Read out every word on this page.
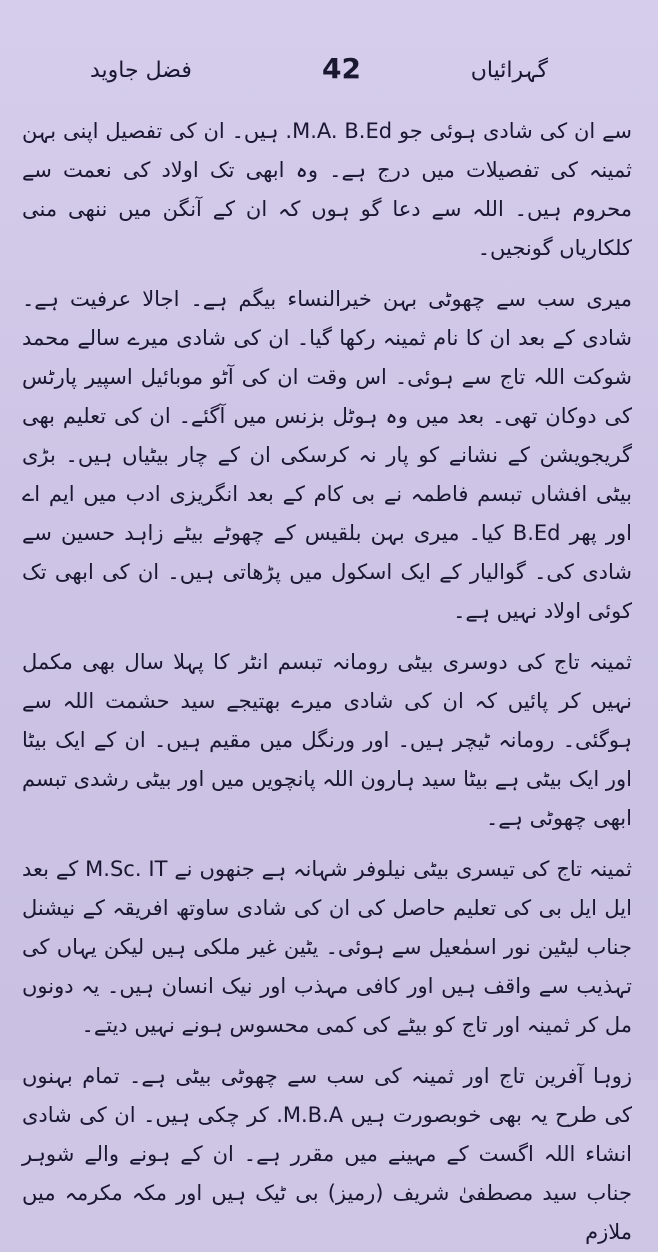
گہرائیاں
42
فضل جاوید

سے ان کی شادی ہوئی جو M.A. B.Ed. ہیں۔ ان کی تفصیل اپنی بہن ثمینہ کی تفصیلات میں درج ہے۔ وہ ابھی تک اولاد کی نعمت سے محروم ہیں۔ اللہ سے دعا گو ہوں کہ ان کے آنگن میں ننھی منی کلکاریاں گونجیں۔

میری سب سے چھوٹی بہن خیرالنساء بیگم ہے۔ اجالا عرفیت ہے۔ شادی کے بعد ان کا نام ثمینہ رکھا گیا۔ ان کی شادی میرے سالے محمد شوکت اللہ تاج سے ہوئی۔ اس وقت ان کی آٹو موبائیل اسپیر پارٹس کی دوکان تھی۔ بعد میں وہ ہوٹل بزنس میں آگئے۔ ان کی تعلیم بھی گریجویشن کے نشانے کو پار نہ کرسکی ان کے چار بیٹیاں ہیں۔ بڑی بیٹی افشاں تبسم فاطمہ نے بی کام کے بعد انگریزی ادب میں ایم اے اور پھر B.Ed کیا۔ میری بہن بلقیس کے چھوٹے بیٹے زاہد حسین سے شادی کی۔ گوالیار کے ایک اسکول میں پڑھاتی ہیں۔ ان کی ابھی تک کوئی اولاد نہیں ہے۔

ثمینہ تاج کی دوسری بیٹی رومانہ تبسم انٹر کا پہلا سال بھی مکمل نہیں کر پائیں کہ ان کی شادی میرے بھتیجے سید حشمت اللہ سے ہوگئی۔ رومانہ ٹیچر ہیں۔ اور ورنگل میں مقیم ہیں۔ ان کے ایک بیٹا اور ایک بیٹی ہے بیٹا سید ہارون اللہ پانچویں میں اور بیٹی رشدی تبسم ابھی چھوٹی ہے۔

ثمینہ تاج کی تیسری بیٹی نیلوفر شہانہ ہے جنھوں نے M.Sc. IT کے بعد ایل ایل بی کی تعلیم حاصل کی ان کی شادی ساوتھ افریقہ کے نیشنل جناب لیٹین نور اسمٰعیل سے ہوئی۔ یٹین غیر ملکی ہیں لیکن یہاں کی تہذیب سے واقف ہیں اور کافی مہذب اور نیک انسان ہیں۔ یہ دونوں مل کر ثمینہ اور تاج کو بیٹے کی کمی محسوس ہونے نہیں دیتے۔

زوہا آفرین تاج اور ثمینہ کی سب سے چھوٹی بیٹی ہے۔ تمام بہنوں کی طرح یہ بھی خوبصورت ہیں M.B.A. کر چکی ہیں۔ ان کی شادی انشاء اللہ اگست کے مہینے میں مقرر ہے۔ ان کے ہونے والے شوہر جناب سید مصطفیٰ شریف (رمیز) بی ٹیک ہیں اور مکہ مکرمہ میں ملازم
